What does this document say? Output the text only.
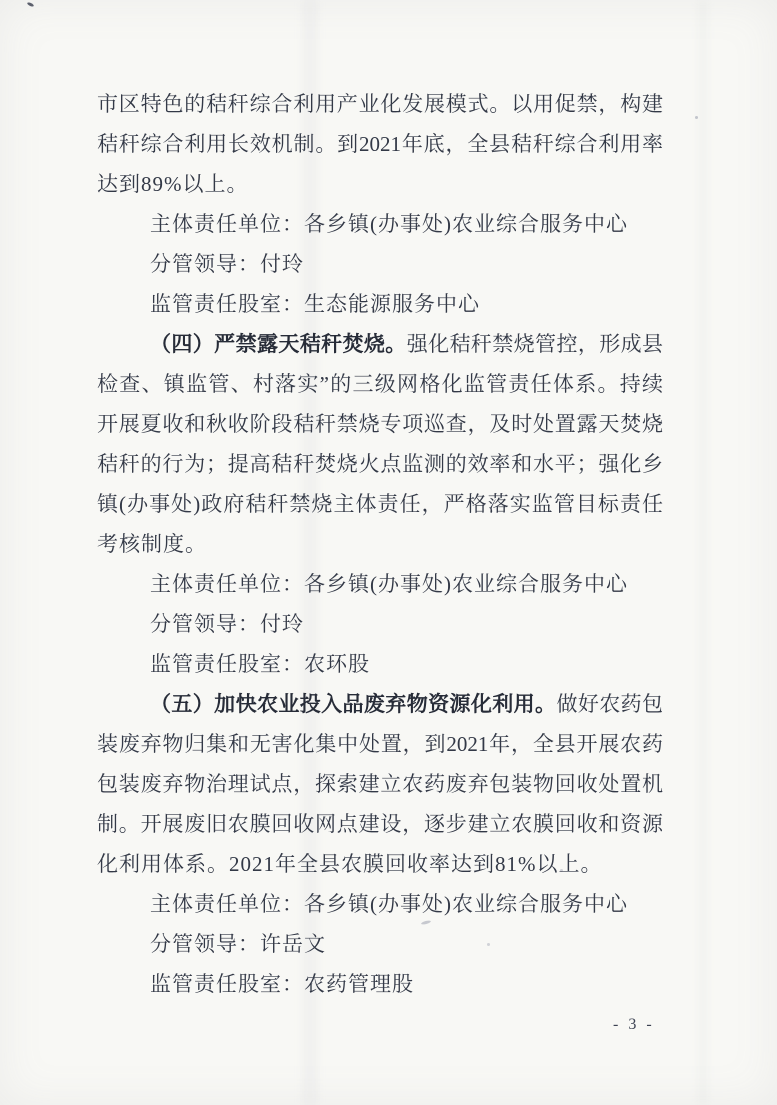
市区特色的秸秆综合利用产业化发展模式。以用促禁，构建
秸秆综合利用长效机制。到2021年底，全县秸秆综合利用率
达到89%以上。
主体责任单位：各乡镇(办事处)农业综合服务中心
分管领导：付玲
监管责任股室：生态能源服务中心
（四）严禁露天秸秆焚烧。强化秸秆禁烧管控，形成县
检查、镇监管、村落实”的三级网格化监管责任体系。持续
开展夏收和秋收阶段秸秆禁烧专项巡查，及时处置露天焚烧
秸秆的行为；提高秸秆焚烧火点监测的效率和水平；强化乡
镇(办事处)政府秸秆禁烧主体责任，严格落实监管目标责任
考核制度。
主体责任单位：各乡镇(办事处)农业综合服务中心
分管领导：付玲
监管责任股室：农环股
（五）加快农业投入品废弃物资源化利用。做好农药包
装废弃物归集和无害化集中处置，到2021年，全县开展农药
包装废弃物治理试点，探索建立农药废弃包装物回收处置机
制。开展废旧农膜回收网点建设，逐步建立农膜回收和资源
化利用体系。2021年全县农膜回收率达到81%以上。
主体责任单位：各乡镇(办事处)农业综合服务中心
分管领导：许岳文
监管责任股室：农药管理股
- 3 -
